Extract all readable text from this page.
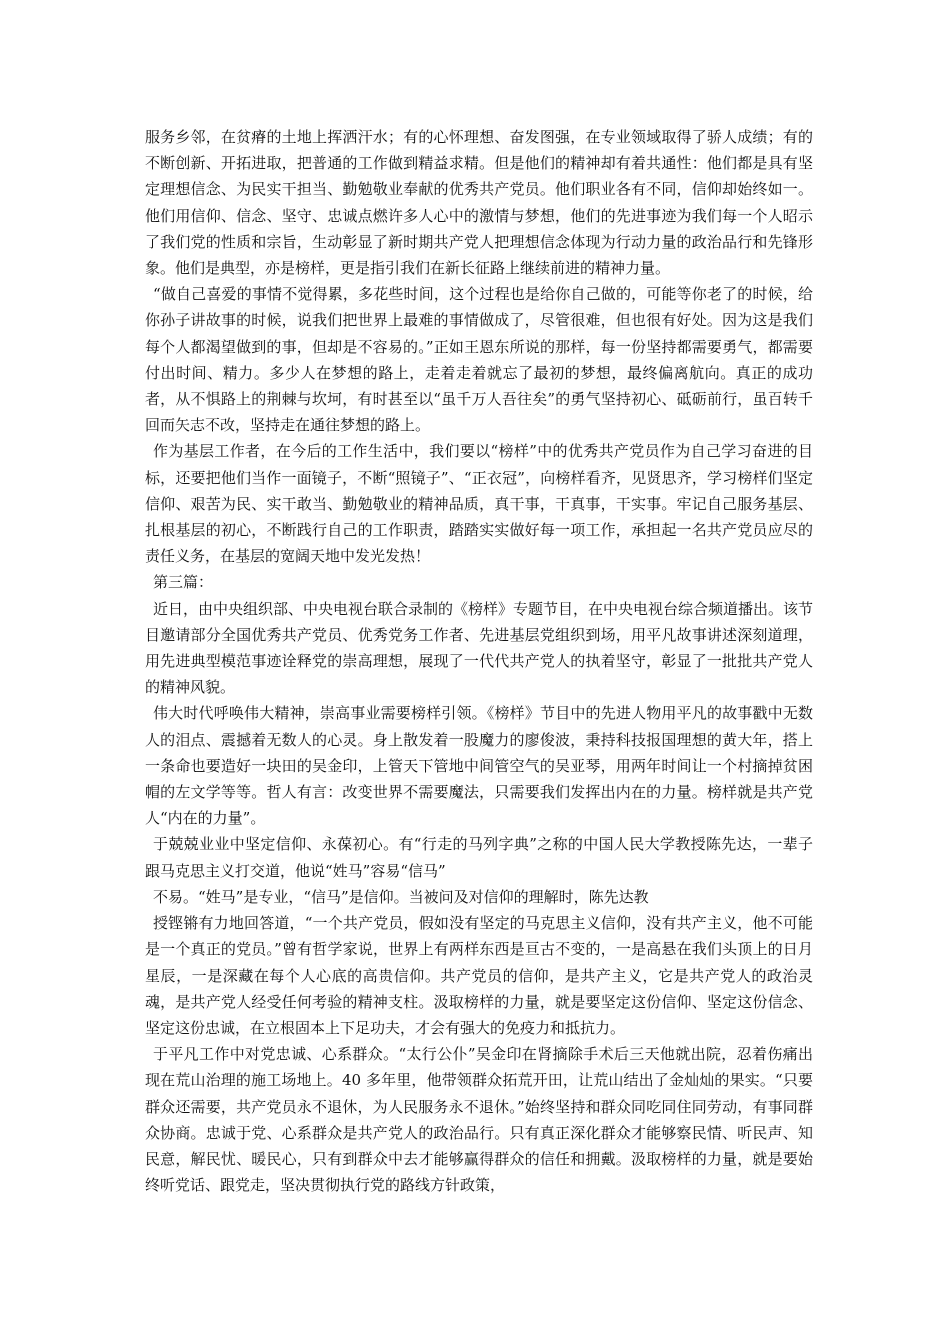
服务乡邻，在贫瘠的土地上挥洒汗水；有的心怀理想、奋发图强，在专业领域取得了骄人成绩；有的不断创新、开拓进取，把普通的工作做到精益求精。但是他们的精神却有着共通性：他们都是具有坚定理想信念、为民实干担当、勤勉敬业奉献的优秀共产党员。他们职业各有不同，信仰却始终如一。他们用信仰、信念、坚守、忠诚点燃许多人心中的激情与梦想，他们的先进事迹为我们每一个人昭示了我们党的性质和宗旨，生动彰显了新时期共产党人把理想信念体现为行动力量的政治品行和先锋形象。他们是典型，亦是榜样，更是指引我们在新长征路上继续前进的精神力量。

“做自己喜爱的事情不觉得累，多花些时间，这个过程也是给你自己做的，可能等你老了的时候，给你孙子讲故事的时候，说我们把世界上最难的事情做成了，尽管很难，但也很有好处。因为这是我们每个人都渴望做到的事，但却是不容易的。”正如王恩东所说的那样，每一份坚持都需要勇气，都需要付出时间、精力。多少人在梦想的路上，走着走着就忘了最初的梦想，最终偏离航向。真正的成功者，从不惧路上的荆棘与坎坷，有时甚至以“虽千万人吾往矣”的勇气坚持初心、砥砺前行，虽百转千回而矢志不改，坚持走在通往梦想的路上。

作为基层工作者，在今后的工作生活中，我们要以“榜样”中的优秀共产党员作为自己学习奋进的目标，还要把他们当作一面镜子，不断“照镜子”、“正衣冠”，向榜样看齐，见贤思齐，学习榜样们坚定信仰、艰苦为民、实干敢当、勤勉敬业的精神品质，真干事，干真事，干实事。牢记自己服务基层、扎根基层的初心，不断践行自己的工作职责，踏踏实实做好每一项工作，承担起一名共产党员应尽的责任义务，在基层的宽阔天地中发光发热！

第三篇：

近日，由中央组织部、中央电视台联合录制的《榜样》专题节目，在中央电视台综合频道播出。该节目邀请部分全国优秀共产党员、优秀党务工作者、先进基层党组织到场，用平凡故事讲述深刻道理，用先进典型模范事迹诠释党的崇高理想，展现了一代代共产党人的执着坚守，彰显了一批批共产党人的精神风貌。

伟大时代呼唤伟大精神，崇高事业需要榜样引领。《榜样》节目中的先进人物用平凡的故事戳中无数人的泪点、震撼着无数人的心灵。身上散发着一股魔力的廖俊波，秉持科技报国理想的黄大年，搭上一条命也要造好一块田的吴金印，上管天下管地中间管空气的吴亚琴，用两年时间让一个村摘掉贫困帽的左文学等等。哲人有言：改变世界不需要魔法，只需要我们发挥出内在的力量。榜样就是共产党人“内在的力量”。

于兢兢业业中坚定信仰、永葆初心。有“行走的马列字典”之称的中国人民大学教授陈先达，一辈子跟马克思主义打交道，他说“姓马”容易“信马”

不易。“姓马”是专业，“信马”是信仰。当被问及对信仰的理解时，陈先达教

授铿锵有力地回答道，“一个共产党员，假如没有坚定的马克思主义信仰，没有共产主义，他不可能是一个真正的党员。”曾有哲学家说，世界上有两样东西是亘古不变的，一是高悬在我们头顶上的日月星辰，一是深藏在每个人心底的高贵信仰。共产党员的信仰，是共产主义，它是共产党人的政治灵魂，是共产党人经受任何考验的精神支柱。汲取榜样的力量，就是要坚定这份信仰、坚定这份信念、坚定这份忠诚，在立根固本上下足功夫，才会有强大的免疫力和抵抗力。

于平凡工作中对党忠诚、心系群众。“太行公仆”吴金印在肾摘除手术后三天他就出院，忍着伤痛出现在荒山治理的施工场地上。40 多年里，他带领群众拓荒开田，让荒山结出了金灿灿的果实。“只要群众还需要，共产党员永不退休，为人民服务永不退休。”始终坚持和群众同吃同住同劳动，有事同群众协商。忠诚于党、心系群众是共产党人的政治品行。只有真正深化群众才能够察民情、听民声、知民意，解民忧、暖民心，只有到群众中去才能够赢得群众的信任和拥戴。汲取榜样的力量，就是要始终听党话、跟党走，坚决贯彻执行党的路线方针政策，
